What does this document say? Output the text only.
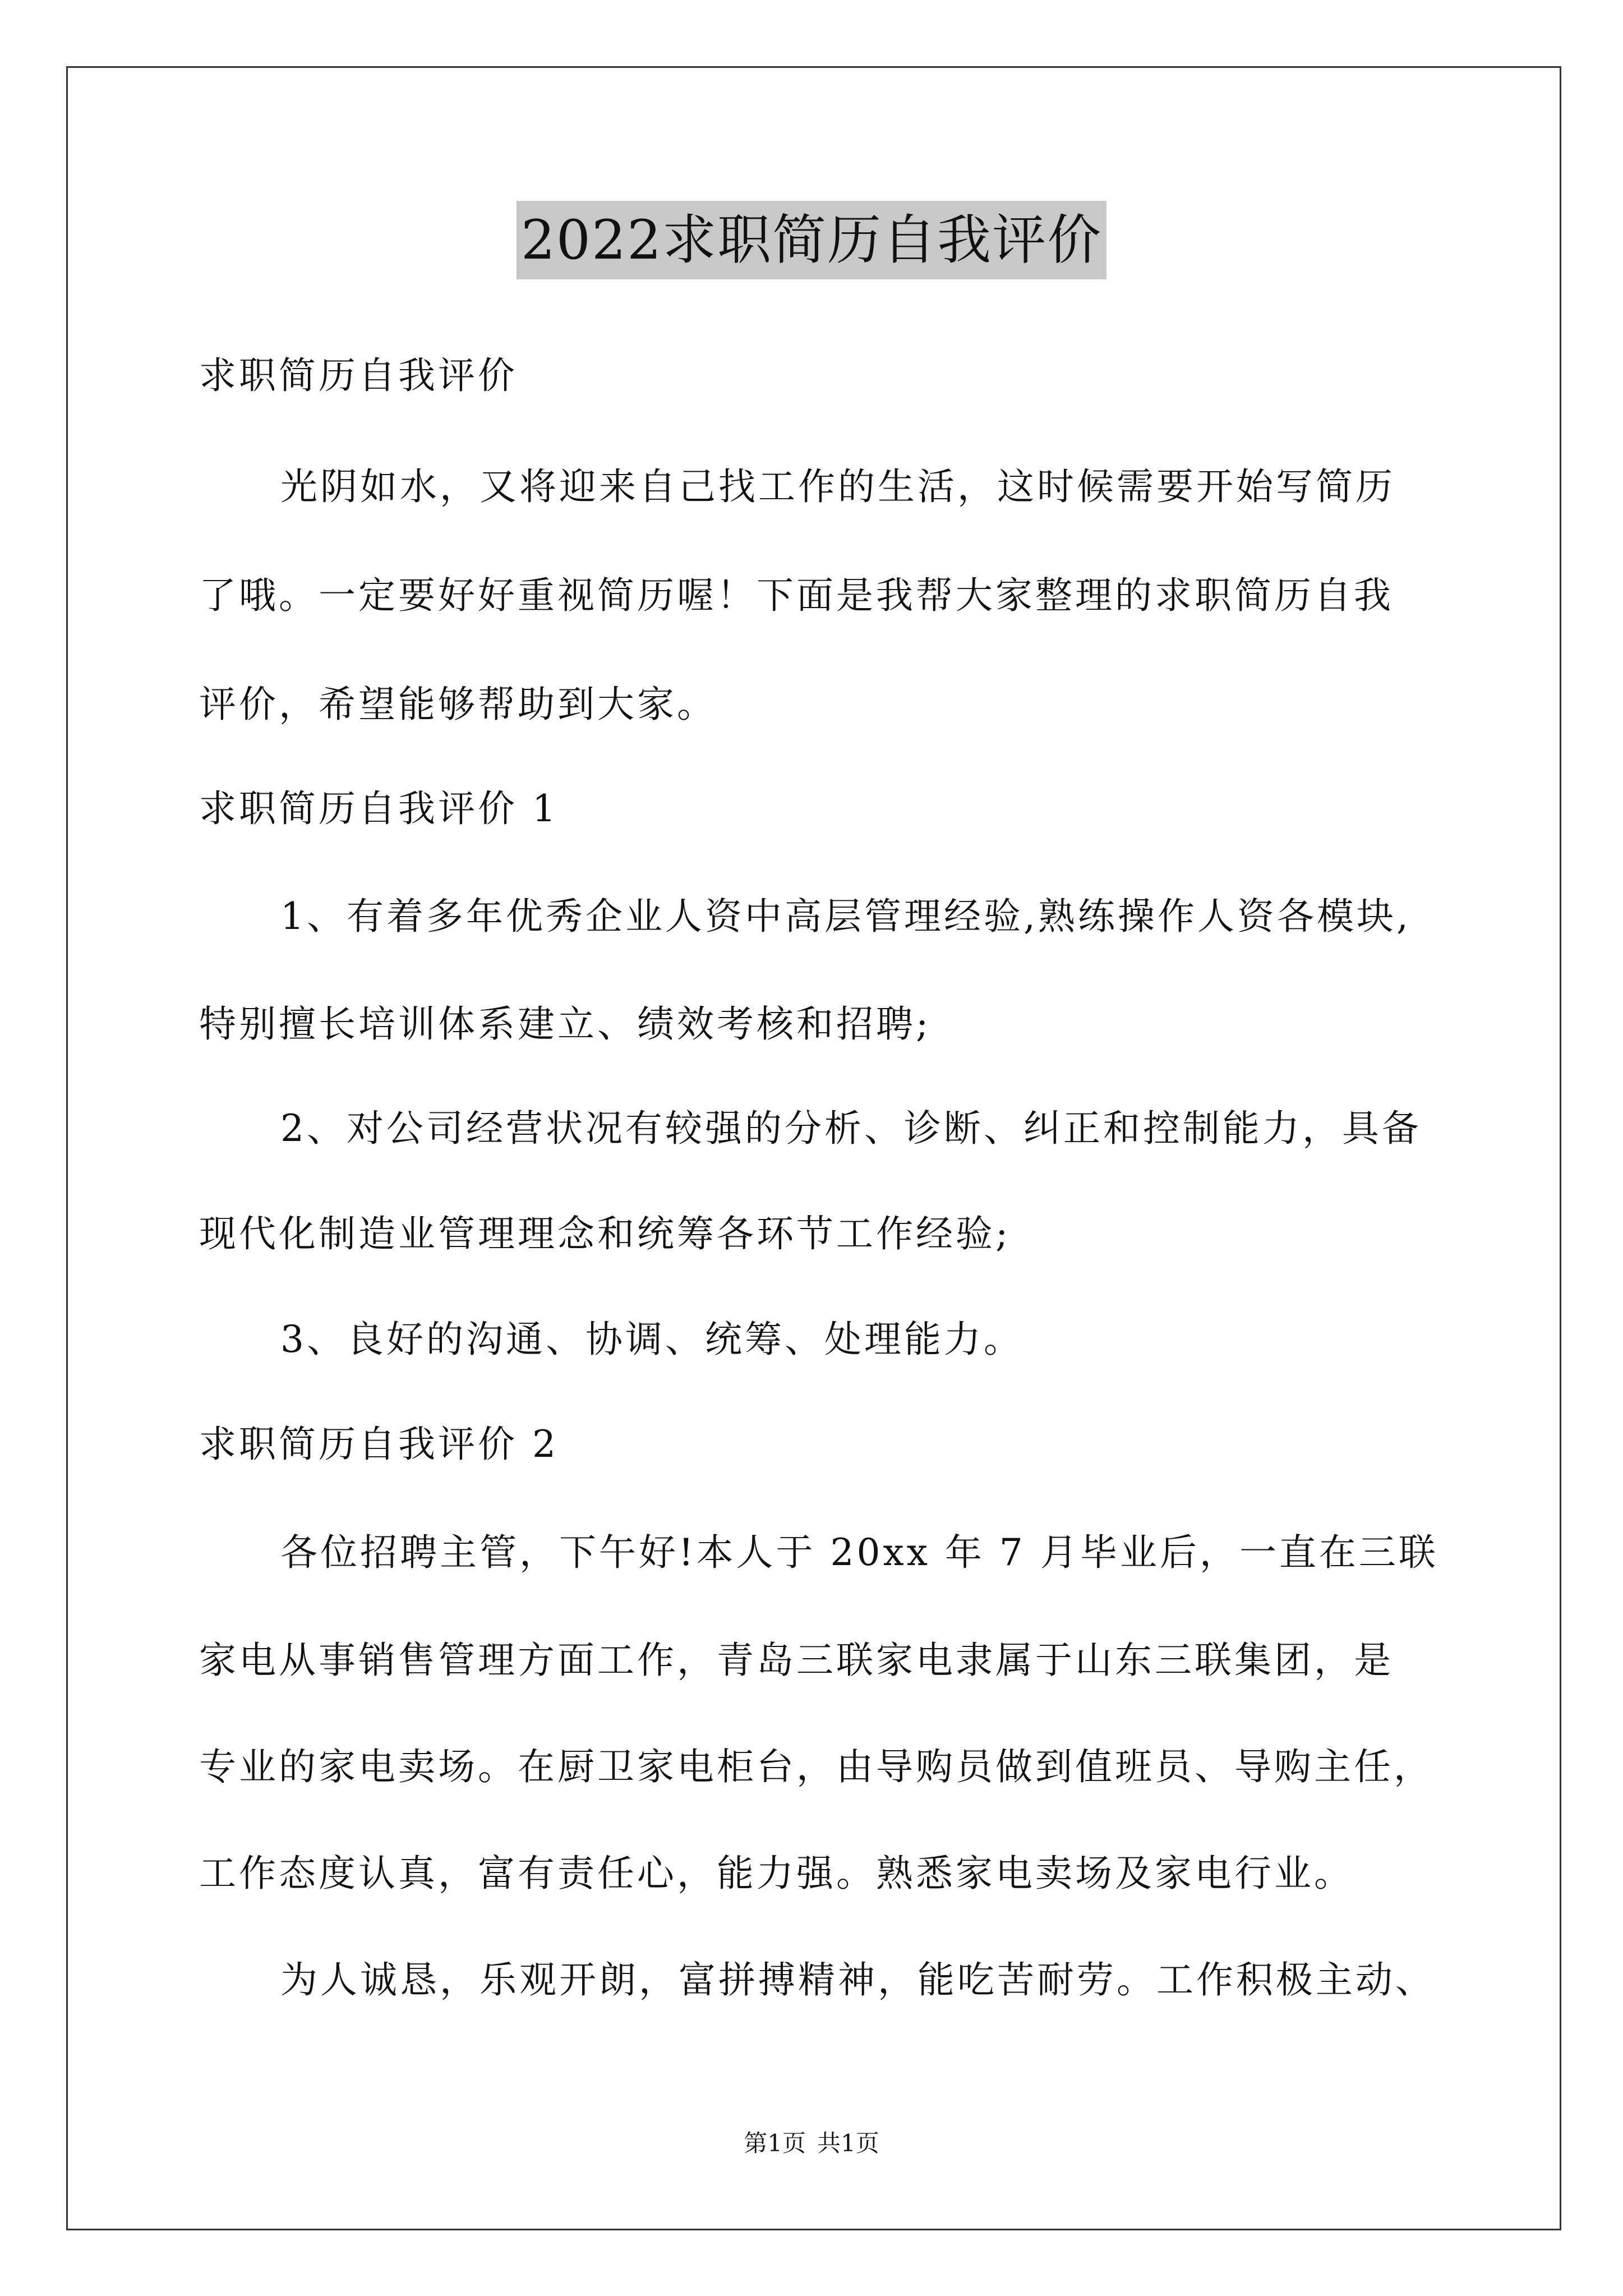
2022求职简历自我评价
求职简历自我评价
光阴如水，又将迎来自己找工作的生活，这时候需要开始写简历
了哦。一定要好好重视简历喔！下面是我帮大家整理的求职简历自我
评价，希望能够帮助到大家。
求职简历自我评价 1
1、有着多年优秀企业人资中高层管理经验,熟练操作人资各模块,
特别擅长培训体系建立、绩效考核和招聘;
2、对公司经营状况有较强的分析、诊断、纠正和控制能力，具备
现代化制造业管理理念和统筹各环节工作经验;
3、良好的沟通、协调、统筹、处理能力。
求职简历自我评价 2
各位招聘主管，下午好!本人于 20xx 年 7 月毕业后，一直在三联
家电从事销售管理方面工作，青岛三联家电隶属于山东三联集团，是
专业的家电卖场。在厨卫家电柜台，由导购员做到值班员、导购主任，
工作态度认真，富有责任心，能力强。熟悉家电卖场及家电行业。
为人诚恳，乐观开朗，富拼搏精神，能吃苦耐劳。工作积极主动、
第1页 共1页
